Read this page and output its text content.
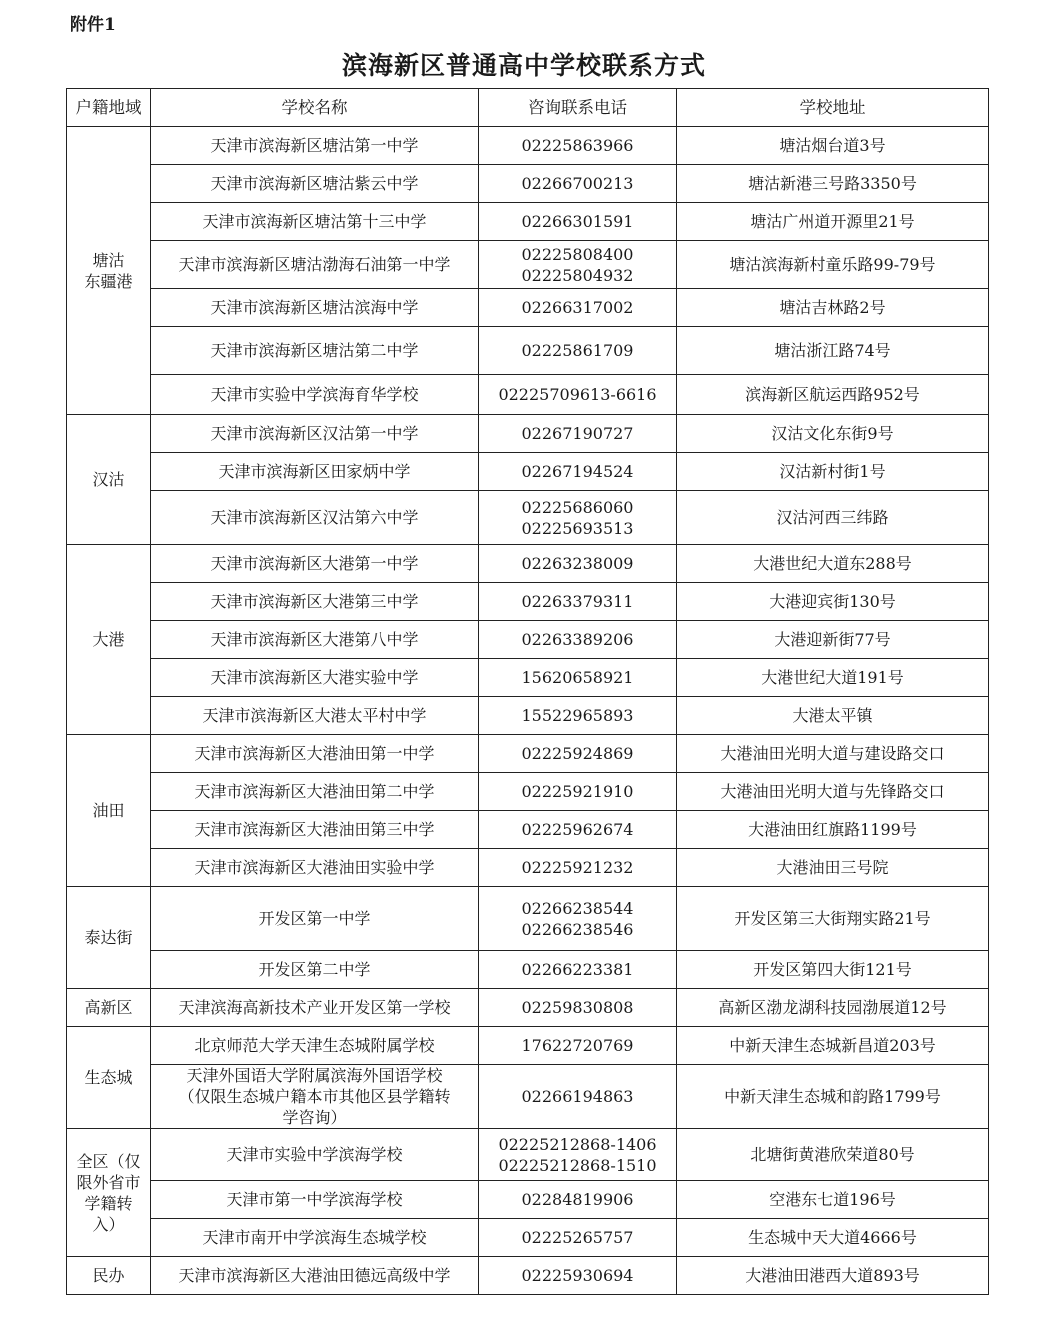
附件1
滨海新区普通高中学校联系方式
户籍地域	学校名称	咨询联系电话	学校地址

塘沽
东疆港	天津市滨海新区塘沽第一中学	02225863966	塘沽烟台道3号

	天津市滨海新区塘沽紫云中学	02266700213	塘沽新港三号路3350号

	天津市滨海新区塘沽第十三中学	02266301591	塘沽广州道开源里21号

	天津市滨海新区塘沽渤海石油第一中学	02225808400
02225804932	塘沽滨海新村童乐路99-79号

	天津市滨海新区塘沽滨海中学	02266317002	塘沽吉林路2号

	天津市滨海新区塘沽第二中学	02225861709	塘沽浙江路74号

	天津市实验中学滨海育华学校	02225709613-6616	滨海新区航运西路952号

汉沽	天津市滨海新区汉沽第一中学	02267190727	汉沽文化东街9号

	天津市滨海新区田家炳中学	02267194524	汉沽新村街1号

	天津市滨海新区汉沽第六中学	02225686060
02225693513	汉沽河西三纬路

大港	天津市滨海新区大港第一中学	02263238009	大港世纪大道东288号

	天津市滨海新区大港第三中学	02263379311	大港迎宾街130号

	天津市滨海新区大港第八中学	02263389206	大港迎新街77号

	天津市滨海新区大港实验中学	15620658921	大港世纪大道191号

	天津市滨海新区大港太平村中学	15522965893	大港太平镇

油田	天津市滨海新区大港油田第一中学	02225924869	大港油田光明大道与建设路交口

	天津市滨海新区大港油田第二中学	02225921910	大港油田光明大道与先锋路交口

	天津市滨海新区大港油田第三中学	02225962674	大港油田红旗路1199号

	天津市滨海新区大港油田实验中学	02225921232	大港油田三号院

泰达街	开发区第一中学	02266238544
02266238546	开发区第三大街翔实路21号

	开发区第二中学	02266223381	开发区第四大街121号

高新区	天津滨海高新技术产业开发区第一学校	02259830808	高新区渤龙湖科技园渤展道12号

生态城	北京师范大学天津生态城附属学校	17622720769	中新天津生态城新昌道203号

	天津外国语大学附属滨海外国语学校
（仅限生态城户籍本市其他区县学籍转
学咨询）	02266194863	中新天津生态城和韵路1799号

全区（仅
限外省市
学籍转
入）	天津市实验中学滨海学校	02225212868-1406
02225212868-1510	北塘街黄港欣荣道80号

	天津市第一中学滨海学校	02284819906	空港东七道196号

	天津市南开中学滨海生态城学校	02225265757	生态城中天大道4666号

民办	天津市滨海新区大港油田德远高级中学	02225930694	大港油田港西大道893号
